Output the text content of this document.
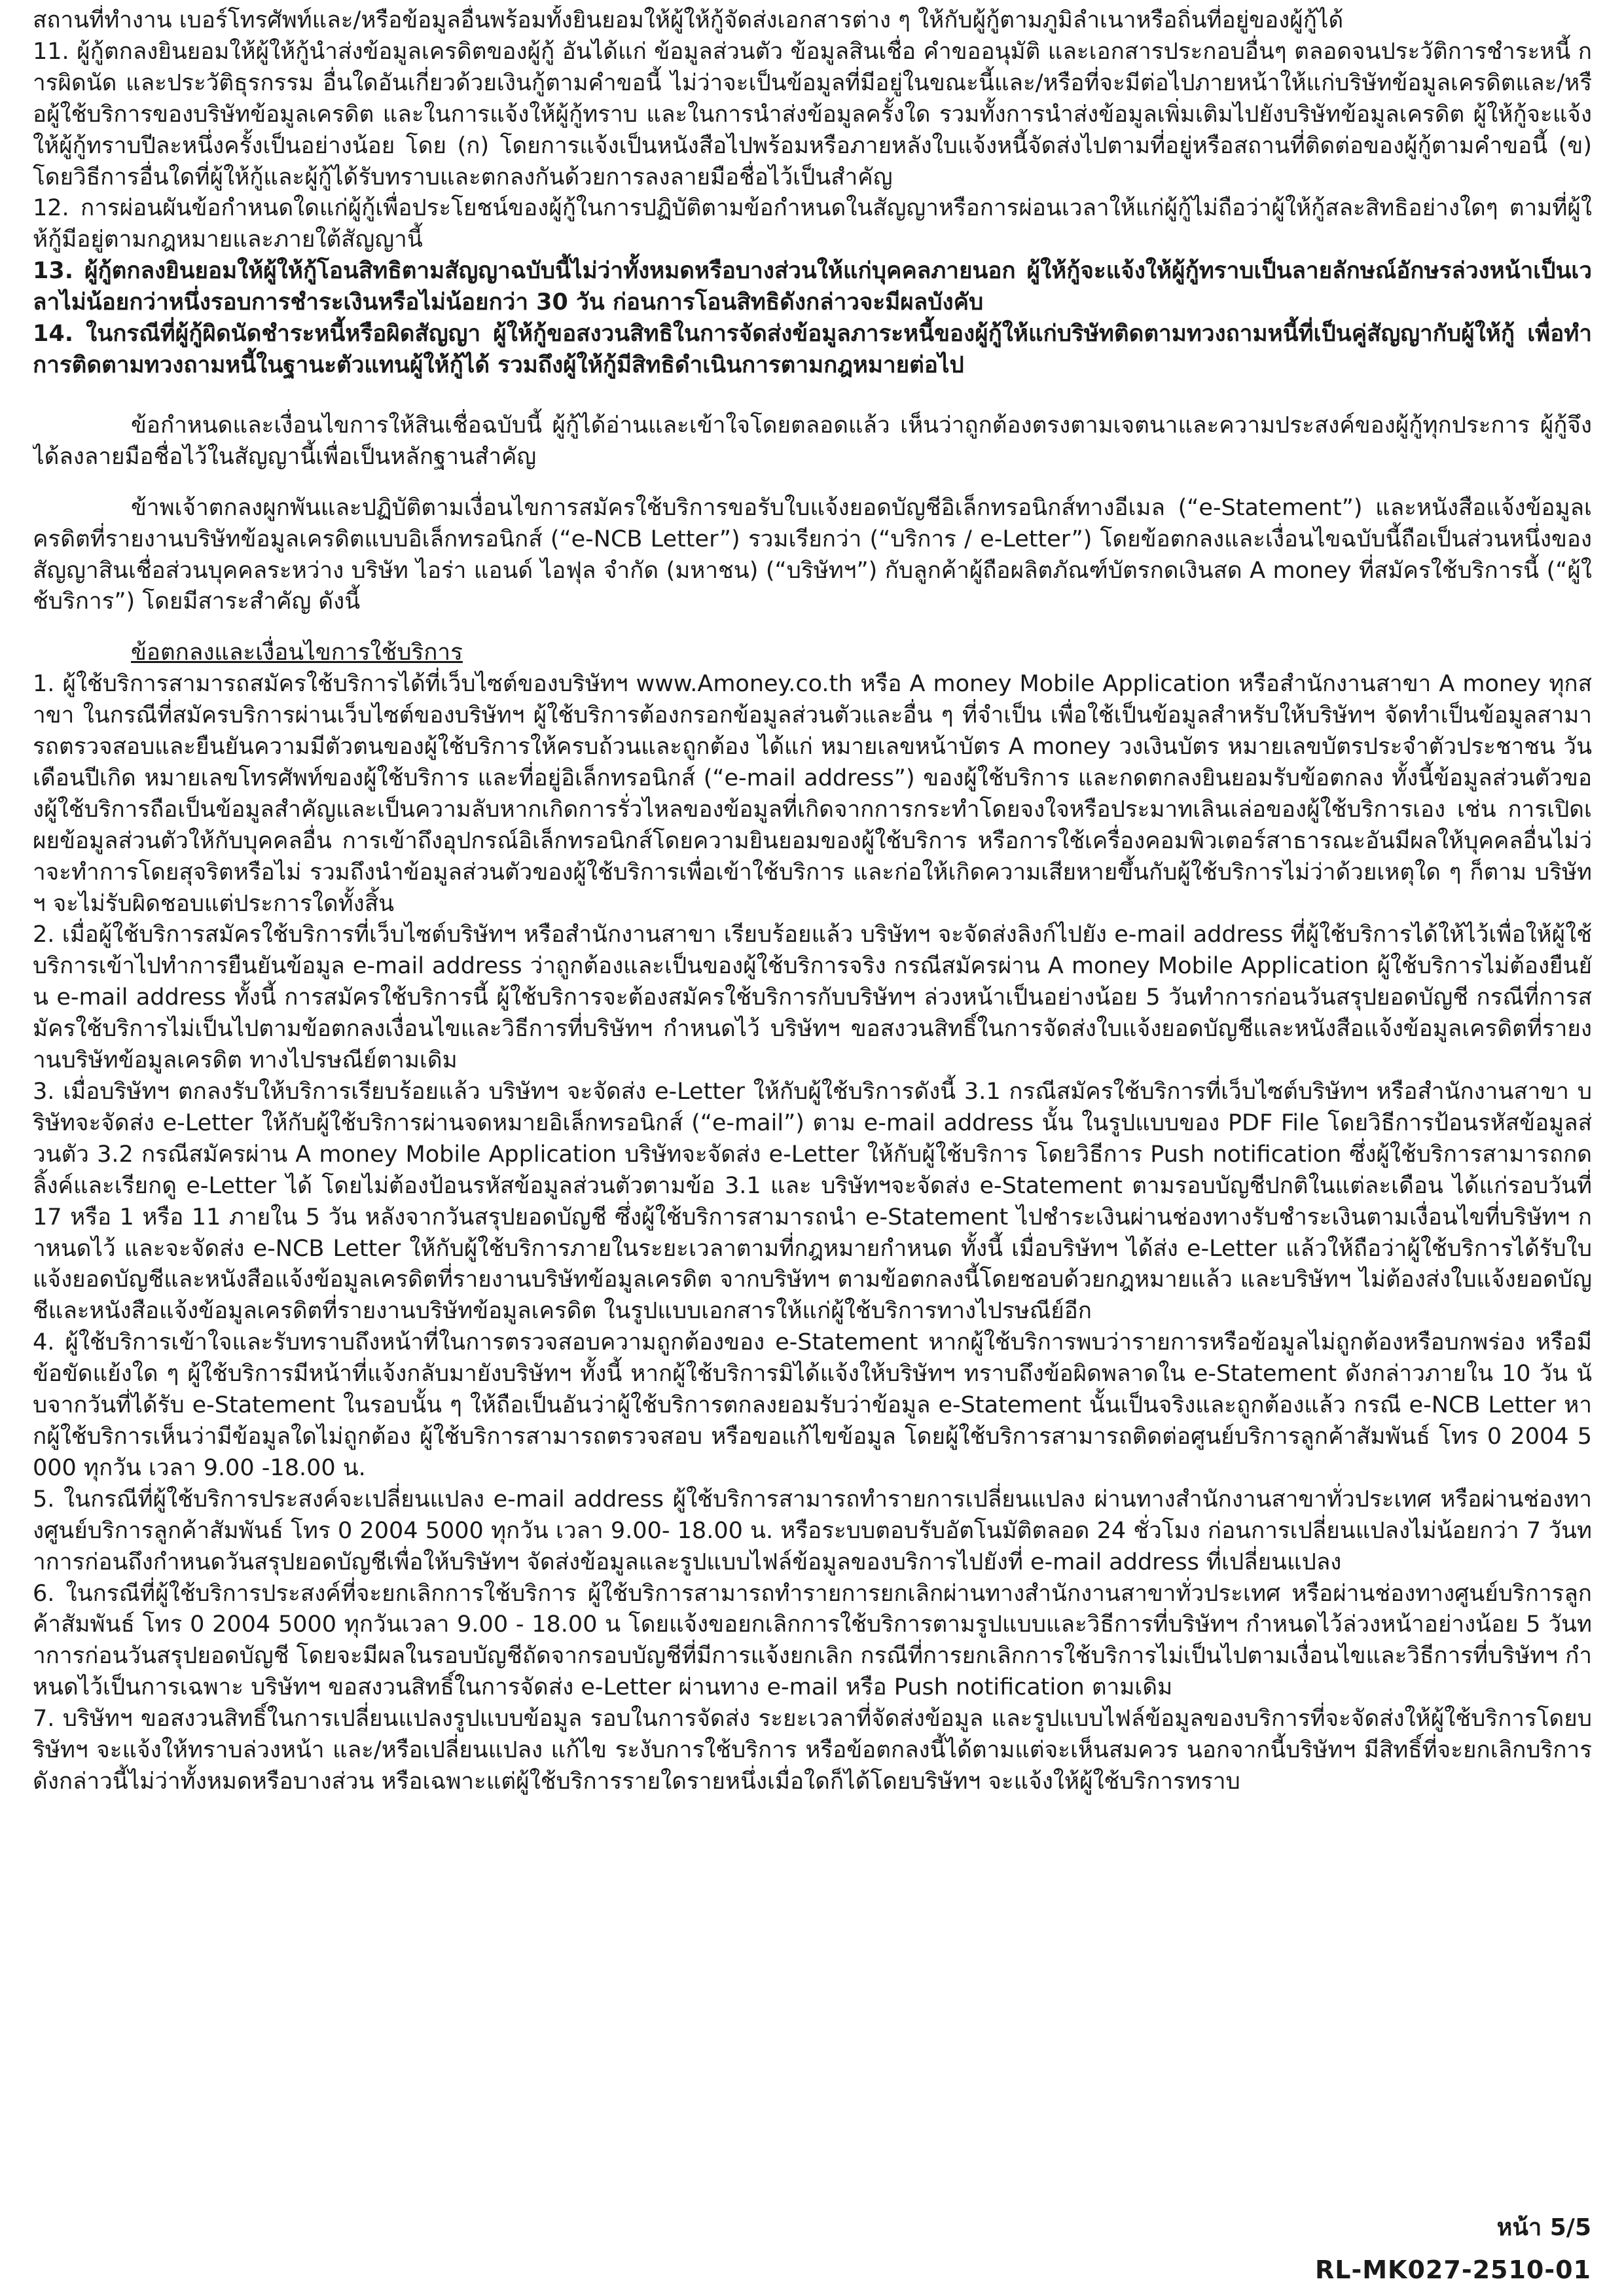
สถานที่ทำงาน เบอร์โทรศัพท์และ/หรือข้อมูลอื่นพร้อมทั้งยินยอมให้ผู้ให้กู้จัดส่งเอกสารต่าง ๆ ให้กับผู้กู้ตามภูมิลำเนาหรือถิ่นที่อยู่ของผู้กู้ได้

11. ผู้กู้ตกลงยินยอมให้ผู้ให้กู้นำส่งข้อมูลเครดิตของผู้กู้ อันได้แก่ ข้อมูลส่วนตัว ข้อมูลสินเชื่อ คำขออนุมัติ และเอกสารประกอบอื่นๆ ตลอดจนประวัติการชำระหนี้ การผิดนัด และประวัติธุรกรรม อื่นใดอันเกี่ยวด้วยเงินกู้ตามคำขอนี้ ไม่ว่าจะเป็นข้อมูลที่มีอยู่ในขณะนี้และ/หรือที่จะมีต่อไปภายหน้าให้แก่บริษัทข้อมูลเครดิตและ/หรือผู้ใช้บริการของบริษัทข้อมูลเครดิต และในการแจ้งให้ผู้กู้ทราบ และในการนำส่งข้อมูลครั้งใด รวมทั้งการนำส่งข้อมูลเพิ่มเติมไปยังบริษัทข้อมูลเครดิต ผู้ให้กู้จะแจ้งให้ผู้กู้ทราบปีละหนึ่งครั้งเป็นอย่างน้อย โดย (ก) โดยการแจ้งเป็นหนังสือไปพร้อมหรือภายหลังใบแจ้งหนี้จัดส่งไปตามที่อยู่หรือสถานที่ติดต่อของผู้กู้ตามคำขอนี้ (ข) โดยวิธีการอื่นใดที่ผู้ให้กู้และผู้กู้ได้รับทราบและตกลงกันด้วยการลงลายมือชื่อไว้เป็นสำคัญ

12. การผ่อนผันข้อกำหนดใดแก่ผู้กู้เพื่อประโยชน์ของผู้กู้ในการปฏิบัติตามข้อกำหนดในสัญญาหรือการผ่อนเวลาให้แก่ผู้กู้ไม่ถือว่าผู้ให้กู้สละสิทธิอย่างใดๆ ตามที่ผู้ให้กู้มีอยู่ตามกฎหมายและภายใต้สัญญานี้

13. ผู้กู้ตกลงยินยอมให้ผู้ให้กู้โอนสิทธิตามสัญญาฉบับนี้ไม่ว่าทั้งหมดหรือบางส่วนให้แก่บุคคลภายนอก ผู้ให้กู้จะแจ้งให้ผู้กู้ทราบเป็นลายลักษณ์อักษรล่วงหน้าเป็นเวลาไม่น้อยกว่าหนึ่งรอบการชำระเงินหรือไม่น้อยกว่า 30 วัน ก่อนการโอนสิทธิดังกล่าวจะมีผลบังคับ

14. ในกรณีที่ผู้กู้ผิดนัดชำระหนี้หรือผิดสัญญา ผู้ให้กู้ขอสงวนสิทธิในการจัดส่งข้อมูลภาระหนี้ของผู้กู้ให้แก่บริษัทติดตามทวงถามหนี้ที่เป็นคู่สัญญากับผู้ให้กู้ เพื่อทำการติดตามทวงถามหนี้ในฐานะตัวแทนผู้ให้กู้ได้ รวมถึงผู้ให้กู้มีสิทธิดำเนินการตามกฎหมายต่อไป

ข้อกำหนดและเงื่อนไขการให้สินเชื่อฉบับนี้ ผู้กู้ได้อ่านและเข้าใจโดยตลอดแล้ว เห็นว่าถูกต้องตรงตามเจตนาและความประสงค์ของผู้กู้ทุกประการ ผู้กู้จึงได้ลงลายมือชื่อไว้ในสัญญานี้เพื่อเป็นหลักฐานสำคัญ

ข้าพเจ้าตกลงผูกพันและปฏิบัติตามเงื่อนไขการสมัครใช้บริการขอรับใบแจ้งยอดบัญชีอิเล็กทรอนิกส์ทางอีเมล (“e-Statement”) และหนังสือแจ้งข้อมูลเครดิตที่รายงานบริษัทข้อมูลเครดิตแบบอิเล็กทรอนิกส์ (“e-NCB Letter”) รวมเรียกว่า (“บริการ / e-Letter”) โดยข้อตกลงและเงื่อนไขฉบับนี้ถือเป็นส่วนหนึ่งของสัญญาสินเชื่อส่วนบุคคลระหว่าง บริษัท ไอร่า แอนด์ ไอฟุล จำกัด (มหาชน) (“บริษัทฯ”) กับลูกค้าผู้ถือผลิตภัณฑ์บัตรกดเงินสด A money ที่สมัครใช้บริการนี้ (“ผู้ใช้บริการ”) โดยมีสาระสำคัญ ดังนี้

ข้อตกลงและเงื่อนไขการใช้บริการ

1. ผู้ใช้บริการสามารถสมัครใช้บริการได้ที่เว็บไซต์ของบริษัทฯ www.Amoney.co.th หรือ A money Mobile Application หรือสำนักงานสาขา A money ทุกสาขา ในกรณีที่สมัครบริการผ่านเว็บไซต์ของบริษัทฯ ผู้ใช้บริการต้องกรอกข้อมูลส่วนตัวและอื่น ๆ ที่จำเป็น เพื่อใช้เป็นข้อมูลสำหรับให้บริษัทฯ จัดทำเป็นข้อมูลสามารถตรวจสอบและยืนยันความมีตัวตนของผู้ใช้บริการให้ครบถ้วนและถูกต้อง ได้แก่ หมายเลขหน้าบัตร A money วงเงินบัตร หมายเลขบัตรประจำตัวประชาชน วันเดือนปีเกิด หมายเลขโทรศัพท์ของผู้ใช้บริการ และที่อยู่อิเล็กทรอนิกส์ (“e-mail address”) ของผู้ใช้บริการ และกดตกลงยินยอมรับข้อตกลง ทั้งนี้ข้อมูลส่วนตัวของผู้ใช้บริการถือเป็นข้อมูลสำคัญและเป็นความลับหากเกิดการรั่วไหลของข้อมูลที่เกิดจากการกระทำโดยจงใจหรือประมาทเลินเล่อของผู้ใช้บริการเอง เช่น การเปิดเผยข้อมูลส่วนตัวให้กับบุคคลอื่น การเข้าถึงอุปกรณ์อิเล็กทรอนิกส์โดยความยินยอมของผู้ใช้บริการ หรือการใช้เครื่องคอมพิวเตอร์สาธารณะอันมีผลให้บุคคลอื่นไม่ว่าจะทำการโดยสุจริตหรือไม่ รวมถึงนำข้อมูลส่วนตัวของผู้ใช้บริการเพื่อเข้าใช้บริการ และก่อให้เกิดความเสียหายขึ้นกับผู้ใช้บริการไม่ว่าด้วยเหตุใด ๆ ก็ตาม บริษัทฯ จะไม่รับผิดชอบแต่ประการใดทั้งสิ้น

2. เมื่อผู้ใช้บริการสมัครใช้บริการที่เว็บไซต์บริษัทฯ หรือสำนักงานสาขา เรียบร้อยแล้ว บริษัทฯ จะจัดส่งลิงก์ไปยัง e-mail address ที่ผู้ใช้บริการได้ให้ไว้เพื่อให้ผู้ใช้บริการเข้าไปทำการยืนยันข้อมูล e-mail address ว่าถูกต้องและเป็นของผู้ใช้บริการจริง กรณีสมัครผ่าน A money Mobile Application ผู้ใช้บริการไม่ต้องยืนยัน e-mail address ทั้งนี้ การสมัครใช้บริการนี้ ผู้ใช้บริการจะต้องสมัครใช้บริการกับบริษัทฯ ล่วงหน้าเป็นอย่างน้อย 5 วันทำการก่อนวันสรุปยอดบัญชี กรณีที่การสมัครใช้บริการไม่เป็นไปตามข้อตกลงเงื่อนไขและวิธีการที่บริษัทฯ กำหนดไว้ บริษัทฯ ขอสงวนสิทธิ์ในการจัดส่งใบแจ้งยอดบัญชีและหนังสือแจ้งข้อมูลเครดิตที่รายงานบริษัทข้อมูลเครดิต ทางไปรษณีย์ตามเดิม

3. เมื่อบริษัทฯ ตกลงรับให้บริการเรียบร้อยแล้ว บริษัทฯ จะจัดส่ง e-Letter ให้กับผู้ใช้บริการดังนี้ 3.1 กรณีสมัครใช้บริการที่เว็บไซต์บริษัทฯ หรือสำนักงานสาขา บริษัทจะจัดส่ง e-Letter ให้กับผู้ใช้บริการผ่านจดหมายอิเล็กทรอนิกส์ (“e-mail”) ตาม e-mail address นั้น ในรูปแบบของ PDF File โดยวิธีการป้อนรหัสข้อมูลส่วนตัว 3.2 กรณีสมัครผ่าน A money Mobile Application บริษัทจะจัดส่ง e-Letter ให้กับผู้ใช้บริการ โดยวิธีการ Push notification ซึ่งผู้ใช้บริการสามารถกดลิ้งค์และเรียกดู e-Letter ได้ โดยไม่ต้องป้อนรหัสข้อมูลส่วนตัวตามข้อ 3.1 และ บริษัทฯจะจัดส่ง e-Statement ตามรอบบัญชีปกติในแต่ละเดือน ได้แก่รอบวันที่ 17 หรือ 1 หรือ 11 ภายใน 5 วัน หลังจากวันสรุปยอดบัญชี ซึ่งผู้ใช้บริการสามารถนำ e-Statement ไปชำระเงินผ่านช่องทางรับชำระเงินตามเงื่อนไขที่บริษัทฯ กำหนดไว้ และจะจัดส่ง e-NCB Letter ให้กับผู้ใช้บริการภายในระยะเวลาตามที่กฎหมายกำหนด ทั้งนี้ เมื่อบริษัทฯ ได้ส่ง e-Letter แล้วให้ถือว่าผู้ใช้บริการได้รับใบแจ้งยอดบัญชีและหนังสือแจ้งข้อมูลเครดิตที่รายงานบริษัทข้อมูลเครดิต จากบริษัทฯ ตามข้อตกลงนี้โดยชอบด้วยกฎหมายแล้ว และบริษัทฯ ไม่ต้องส่งใบแจ้งยอดบัญชีและหนังสือแจ้งข้อมูลเครดิตที่รายงานบริษัทข้อมูลเครดิต ในรูปแบบเอกสารให้แก่ผู้ใช้บริการทางไปรษณีย์อีก

4. ผู้ใช้บริการเข้าใจและรับทราบถึงหน้าที่ในการตรวจสอบความถูกต้องของ e-Statement หากผู้ใช้บริการพบว่ารายการหรือข้อมูลไม่ถูกต้องหรือบกพร่อง หรือมีข้อขัดแย้งใด ๆ ผู้ใช้บริการมีหน้าที่แจ้งกลับมายังบริษัทฯ ทั้งนี้ หากผู้ใช้บริการมิได้แจ้งให้บริษัทฯ ทราบถึงข้อผิดพลาดใน e-Statement ดังกล่าวภายใน 10 วัน นับจากวันที่ได้รับ e-Statement ในรอบนั้น ๆ ให้ถือเป็นอันว่าผู้ใช้บริการตกลงยอมรับว่าข้อมูล e-Statement นั้นเป็นจริงและถูกต้องแล้ว กรณี e-NCB Letter หากผู้ใช้บริการเห็นว่ามีข้อมูลใดไม่ถูกต้อง ผู้ใช้บริการสามารถตรวจสอบ หรือขอแก้ไขข้อมูล โดยผู้ใช้บริการสามารถติดต่อศูนย์บริการลูกค้าสัมพันธ์ โทร 0 2004 5000 ทุกวัน เวลา 9.00 -18.00 น.

5. ในกรณีที่ผู้ใช้บริการประสงค์จะเปลี่ยนแปลง e-mail address ผู้ใช้บริการสามารถทำรายการเปลี่ยนแปลง ผ่านทางสำนักงานสาขาทั่วประเทศ หรือผ่านช่องทางศูนย์บริการลูกค้าสัมพันธ์ โทร 0 2004 5000 ทุกวัน เวลา 9.00- 18.00 น. หรือระบบตอบรับอัตโนมัติตลอด 24 ชั่วโมง ก่อนการเปลี่ยนแปลงไม่น้อยกว่า 7 วันทำการก่อนถึงกำหนดวันสรุปยอดบัญชีเพื่อให้บริษัทฯ จัดส่งข้อมูลและรูปแบบไฟล์ข้อมูลของบริการไปยังที่ e-mail address ที่เปลี่ยนแปลง

6. ในกรณีที่ผู้ใช้บริการประสงค์ที่จะยกเลิกการใช้บริการ ผู้ใช้บริการสามารถทำรายการยกเลิกผ่านทางสำนักงานสาขาทั่วประเทศ หรือผ่านช่องทางศูนย์บริการลูกค้าสัมพันธ์ โทร 0 2004 5000 ทุกวันเวลา 9.00 - 18.00 น โดยแจ้งขอยกเลิกการใช้บริการตามรูปแบบและวิธีการที่บริษัทฯ กำหนดไว้ล่วงหน้าอย่างน้อย 5 วันทำการก่อนวันสรุปยอดบัญชี โดยจะมีผลในรอบบัญชีถัดจากรอบบัญชีที่มีการแจ้งยกเลิก กรณีที่การยกเลิกการใช้บริการไม่เป็นไปตามเงื่อนไขและวิธีการที่บริษัทฯ กำหนดไว้เป็นการเฉพาะ บริษัทฯ ขอสงวนสิทธิ์ในการจัดส่ง e-Letter ผ่านทาง e-mail หรือ Push notification ตามเดิม

7. บริษัทฯ ขอสงวนสิทธิ์ในการเปลี่ยนแปลงรูปแบบข้อมูล รอบในการจัดส่ง ระยะเวลาที่จัดส่งข้อมูล และรูปแบบไฟล์ข้อมูลของบริการที่จะจัดส่งให้ผู้ใช้บริการโดยบริษัทฯ จะแจ้งให้ทราบล่วงหน้า และ/หรือเปลี่ยนแปลง แก้ไข ระงับการใช้บริการ หรือข้อตกลงนี้ได้ตามแต่จะเห็นสมควร นอกจากนี้บริษัทฯ มีสิทธิ์ที่จะยกเลิกบริการดังกล่าวนี้ไม่ว่าทั้งหมดหรือบางส่วน หรือเฉพาะแต่ผู้ใช้บริการรายใดรายหนึ่งเมื่อใดก็ได้โดยบริษัทฯ จะแจ้งให้ผู้ใช้บริการทราบ

หน้า 5/5
RL-MK027-2510-01
